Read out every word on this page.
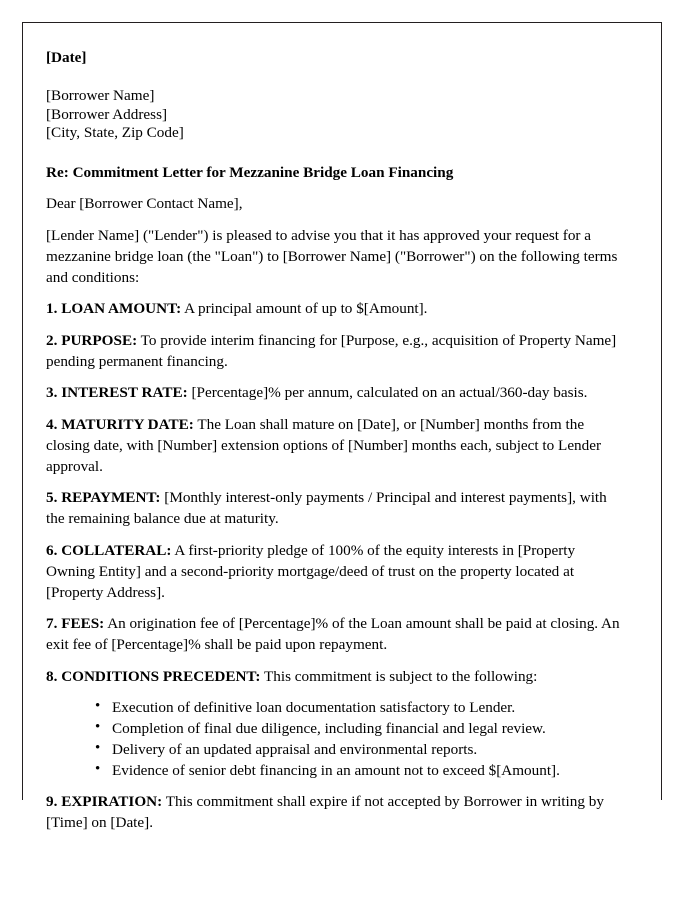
[Date]

[Borrower Name]

[Borrower Address]

[City, State, Zip Code]

Re: Commitment Letter for Mezzanine Bridge Loan Financing

Dear [Borrower Contact Name],

[Lender Name] ("Lender") is pleased to advise you that it has approved your request for a mezzanine bridge loan (the "Loan") to [Borrower Name] ("Borrower") on the following terms and conditions:

1. LOAN AMOUNT: A principal amount of up to $[Amount].

2. PURPOSE: To provide interim financing for [Purpose, e.g., acquisition of Property Name] pending permanent financing.

3. INTEREST RATE: [Percentage]% per annum, calculated on an actual/360-day basis.

4. MATURITY DATE: The Loan shall mature on [Date], or [Number] months from the closing date, with [Number] extension options of [Number] months each, subject to Lender approval.

5. REPAYMENT: [Monthly interest-only payments / Principal and interest payments], with the remaining balance due at maturity.

6. COLLATERAL: A first-priority pledge of 100% of the equity interests in [Property Owning Entity] and a second-priority mortgage/deed of trust on the property located at [Property Address].

7. FEES: An origination fee of [Percentage]% of the Loan amount shall be paid at closing. An exit fee of [Percentage]% shall be paid upon repayment.

8. CONDITIONS PRECEDENT: This commitment is subject to the following:

• Execution of definitive loan documentation satisfactory to Lender.
• Completion of final due diligence, including financial and legal review.
• Delivery of an updated appraisal and environmental reports.
• Evidence of senior debt financing in an amount not to exceed $[Amount].

9. EXPIRATION: This commitment shall expire if not accepted by Borrower in writing by [Time] on [Date].
